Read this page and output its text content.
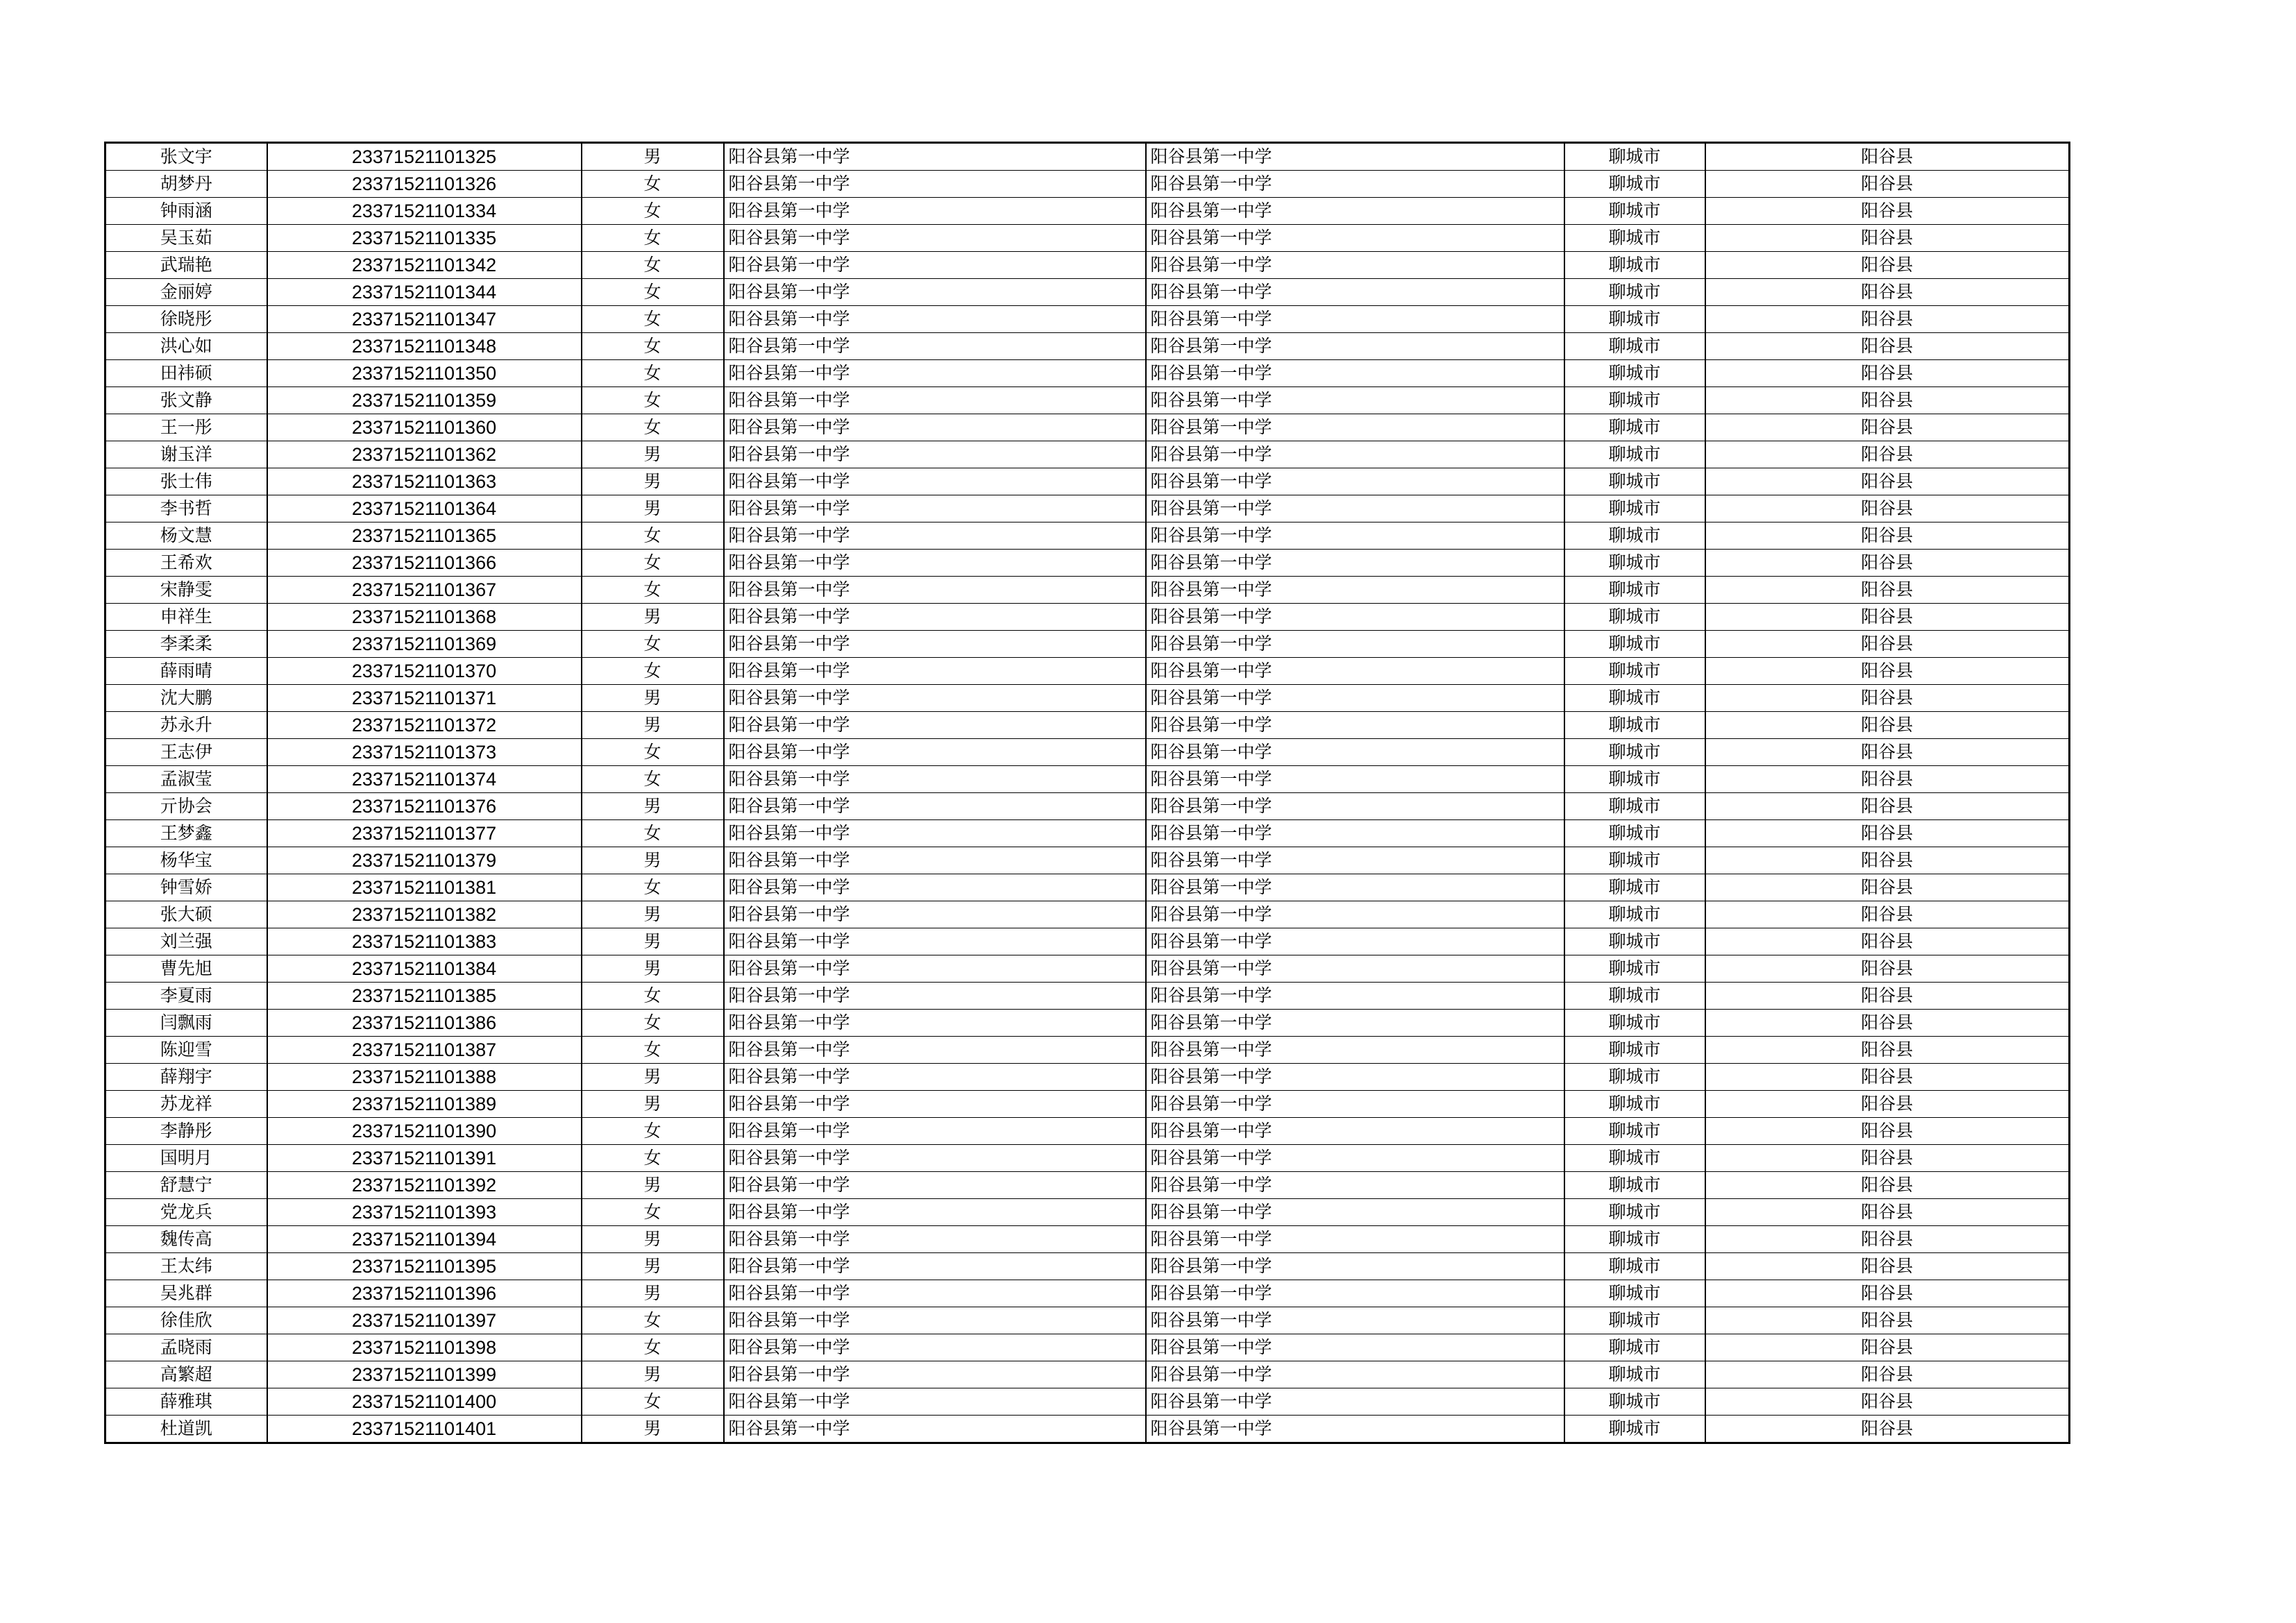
张文宇	23371521101325	男	阳谷县第一中学	阳谷县第一中学	聊城市	阳谷县
胡梦丹	23371521101326	女	阳谷县第一中学	阳谷县第一中学	聊城市	阳谷县
钟雨涵	23371521101334	女	阳谷县第一中学	阳谷县第一中学	聊城市	阳谷县
吴玉茹	23371521101335	女	阳谷县第一中学	阳谷县第一中学	聊城市	阳谷县
武瑞艳	23371521101342	女	阳谷县第一中学	阳谷县第一中学	聊城市	阳谷县
金丽婷	23371521101344	女	阳谷县第一中学	阳谷县第一中学	聊城市	阳谷县
徐晓彤	23371521101347	女	阳谷县第一中学	阳谷县第一中学	聊城市	阳谷县
洪心如	23371521101348	女	阳谷县第一中学	阳谷县第一中学	聊城市	阳谷县
田祎硕	23371521101350	女	阳谷县第一中学	阳谷县第一中学	聊城市	阳谷县
张文静	23371521101359	女	阳谷县第一中学	阳谷县第一中学	聊城市	阳谷县
王一彤	23371521101360	女	阳谷县第一中学	阳谷县第一中学	聊城市	阳谷县
谢玉洋	23371521101362	男	阳谷县第一中学	阳谷县第一中学	聊城市	阳谷县
张士伟	23371521101363	男	阳谷县第一中学	阳谷县第一中学	聊城市	阳谷县
李书哲	23371521101364	男	阳谷县第一中学	阳谷县第一中学	聊城市	阳谷县
杨文慧	23371521101365	女	阳谷县第一中学	阳谷县第一中学	聊城市	阳谷县
王希欢	23371521101366	女	阳谷县第一中学	阳谷县第一中学	聊城市	阳谷县
宋静雯	23371521101367	女	阳谷县第一中学	阳谷县第一中学	聊城市	阳谷县
申祥生	23371521101368	男	阳谷县第一中学	阳谷县第一中学	聊城市	阳谷县
李柔柔	23371521101369	女	阳谷县第一中学	阳谷县第一中学	聊城市	阳谷县
薛雨晴	23371521101370	女	阳谷县第一中学	阳谷县第一中学	聊城市	阳谷县
沈大鹏	23371521101371	男	阳谷县第一中学	阳谷县第一中学	聊城市	阳谷县
苏永升	23371521101372	男	阳谷县第一中学	阳谷县第一中学	聊城市	阳谷县
王志伊	23371521101373	女	阳谷县第一中学	阳谷县第一中学	聊城市	阳谷县
孟淑莹	23371521101374	女	阳谷县第一中学	阳谷县第一中学	聊城市	阳谷县
亓协会	23371521101376	男	阳谷县第一中学	阳谷县第一中学	聊城市	阳谷县
王梦鑫	23371521101377	女	阳谷县第一中学	阳谷县第一中学	聊城市	阳谷县
杨华宝	23371521101379	男	阳谷县第一中学	阳谷县第一中学	聊城市	阳谷县
钟雪娇	23371521101381	女	阳谷县第一中学	阳谷县第一中学	聊城市	阳谷县
张大硕	23371521101382	男	阳谷县第一中学	阳谷县第一中学	聊城市	阳谷县
刘兰强	23371521101383	男	阳谷县第一中学	阳谷县第一中学	聊城市	阳谷县
曹先旭	23371521101384	男	阳谷县第一中学	阳谷县第一中学	聊城市	阳谷县
李夏雨	23371521101385	女	阳谷县第一中学	阳谷县第一中学	聊城市	阳谷县
闫飘雨	23371521101386	女	阳谷县第一中学	阳谷县第一中学	聊城市	阳谷县
陈迎雪	23371521101387	女	阳谷县第一中学	阳谷县第一中学	聊城市	阳谷县
薛翔宇	23371521101388	男	阳谷县第一中学	阳谷县第一中学	聊城市	阳谷县
苏龙祥	23371521101389	男	阳谷县第一中学	阳谷县第一中学	聊城市	阳谷县
李静彤	23371521101390	女	阳谷县第一中学	阳谷县第一中学	聊城市	阳谷县
国明月	23371521101391	女	阳谷县第一中学	阳谷县第一中学	聊城市	阳谷县
舒慧宁	23371521101392	男	阳谷县第一中学	阳谷县第一中学	聊城市	阳谷县
党龙兵	23371521101393	女	阳谷县第一中学	阳谷县第一中学	聊城市	阳谷县
魏传高	23371521101394	男	阳谷县第一中学	阳谷县第一中学	聊城市	阳谷县
王太纬	23371521101395	男	阳谷县第一中学	阳谷县第一中学	聊城市	阳谷县
吴兆群	23371521101396	男	阳谷县第一中学	阳谷县第一中学	聊城市	阳谷县
徐佳欣	23371521101397	女	阳谷县第一中学	阳谷县第一中学	聊城市	阳谷县
孟晓雨	23371521101398	女	阳谷县第一中学	阳谷县第一中学	聊城市	阳谷县
高繁超	23371521101399	男	阳谷县第一中学	阳谷县第一中学	聊城市	阳谷县
薛雅琪	23371521101400	女	阳谷县第一中学	阳谷县第一中学	聊城市	阳谷县
杜道凯	23371521101401	男	阳谷县第一中学	阳谷县第一中学	聊城市	阳谷县
